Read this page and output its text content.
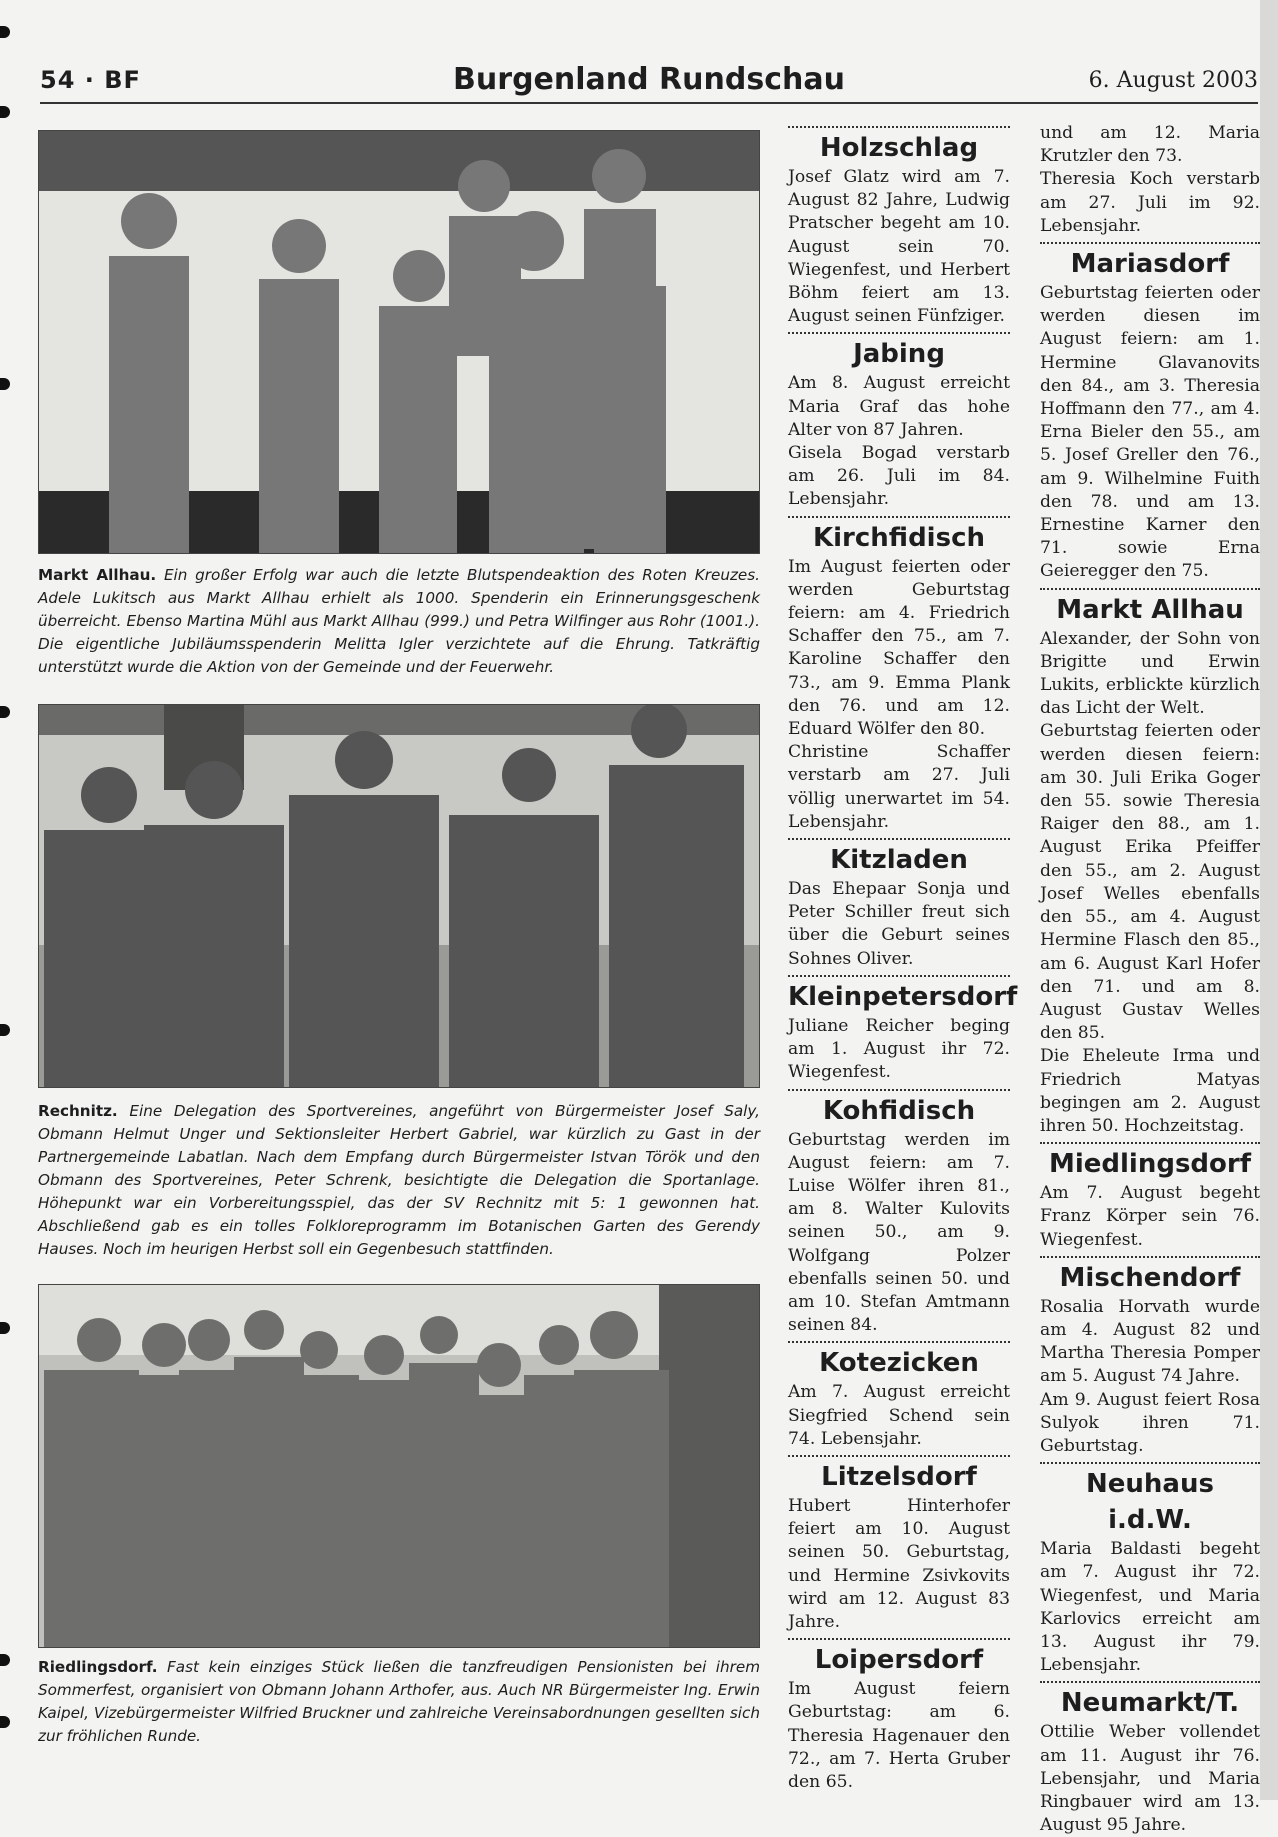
54 · BF	Burgenland Rundschau	6. August 2003
Markt Allhau. Ein großer Erfolg war auch die letzte Blutspendeaktion des Roten Kreuzes. Adele Lukitsch aus Markt Allhau erhielt als 1000. Spenderin ein Erinnerungsgeschenk überreicht. Ebenso Martina Mühl aus Markt Allhau (999.) und Petra Wilfinger aus Rohr (1001.). Die eigentliche Jubiläumsspenderin Melitta Igler verzichtete auf die Ehrung. Tatkräftig unterstützt wurde die Aktion von der Gemeinde und der Feuerwehr.
Rechnitz. Eine Delegation des Sportvereines, angeführt von Bürgermeister Josef Saly, Obmann Helmut Unger und Sektionsleiter Herbert Gabriel, war kürzlich zu Gast in der Partnergemeinde Labatlan. Nach dem Empfang durch Bürgermeister Istvan Török und den Obmann des Sportvereines, Peter Schrenk, besichtigte die Delegation die Sportanlage. Höhepunkt war ein Vorbereitungsspiel, das der SV Rechnitz mit 5: 1 gewonnen hat. Abschließend gab es ein tolles Folkloreprogramm im Botanischen Garten des Gerendy Hauses. Noch im heurigen Herbst soll ein Gegenbesuch stattfinden.
Riedlingsdorf. Fast kein einziges Stück ließen die tanzfreudigen Pensionisten bei ihrem Sommerfest, organisiert von Obmann Johann Arthofer, aus. Auch NR Bürgermeister Ing. Erwin Kaipel, Vizebürgermeister Wilfried Bruckner und zahlreiche Vereinsabordnungen gesellten sich zur fröhlichen Runde.
Holzschlag

Josef Glatz wird am 7. August 82 Jahre, Ludwig Pratscher begeht am 10. August sein 70. Wiegenfest, und Herbert Böhm feiert am 13. August seinen Fünfziger.

Jabing

Am 8. August erreicht Maria Graf das hohe Alter von 87 Jahren.

Gisela Bogad verstarb am 26. Juli im 84. Lebensjahr.

Kirchfidisch

Im August feierten oder werden Geburtstag feiern: am 4. Friedrich Schaffer den 75., am 7. Karoline Schaffer den 73., am 9. Emma Plank den 76. und am 12. Eduard Wölfer den 80.

Christine Schaffer verstarb am 27. Juli völlig unerwartet im 54. Lebensjahr.

Kitzladen

Das Ehepaar Sonja und Peter Schiller freut sich über die Geburt seines Sohnes Oliver.

Kleinpetersdorf

Juliane Reicher beging am 1. August ihr 72. Wiegenfest.

Kohfidisch

Geburtstag werden im August feiern: am 7. Luise Wölfer ihren 81., am 8. Walter Kulovits seinen 50., am 9. Wolfgang Polzer ebenfalls seinen 50. und am 10. Stefan Amtmann seinen 84.

Kotezicken

Am 7. August erreicht Siegfried Schend sein 74. Lebensjahr.

Litzelsdorf

Hubert Hinterhofer feiert am 10. August seinen 50. Geburtstag, und Hermine Zsivkovits wird am 12. August 83 Jahre.

Loipersdorf

Im August feiern Geburtstag: am 6. Theresia Hagenauer den 72., am 7. Herta Gruber den 65.

und am 12. Maria Krutzler den 73.

Theresia Koch verstarb am 27. Juli im 92. Lebensjahr.

Mariasdorf

Geburtstag feierten oder werden diesen im August feiern: am 1. Hermine Glavanovits den 84., am 3. Theresia Hoffmann den 77., am 4. Erna Bieler den 55., am 5. Josef Greller den 76., am 9. Wilhelmine Fuith den 78. und am 13. Ernestine Karner den 71. sowie Erna Geieregger den 75.

Markt Allhau

Alexander, der Sohn von Brigitte und Erwin Lukits, erblickte kürzlich das Licht der Welt.

Geburtstag feierten oder werden diesen feiern: am 30. Juli Erika Goger den 55. sowie Theresia Raiger den 88., am 1. August Erika Pfeiffer den 55., am 2. August Josef Welles ebenfalls den 55., am 4. August Hermine Flasch den 85., am 6. August Karl Hofer den 71. und am 8. August Gustav Welles den 85.

Die Eheleute Irma und Friedrich Matyas begingen am 2. August ihren 50. Hochzeitstag.

Miedlingsdorf

Am 7. August begeht Franz Körper sein 76. Wiegenfest.

Mischendorf

Rosalia Horvath wurde am 4. August 82 und Martha Theresia Pomper am 5. August 74 Jahre.

Am 9. August feiert Rosa Sulyok ihren 71. Geburtstag.

Neuhaus i.d.W.

Maria Baldasti begeht am 7. August ihr 72. Wiegenfest, und Maria Karlovics erreicht am 13. August ihr 79. Lebensjahr.

Neumarkt/T.

Ottilie Weber vollendet am 11. August ihr 76. Lebensjahr, und Maria Ringbauer wird am 13. August 95 Jahre.
